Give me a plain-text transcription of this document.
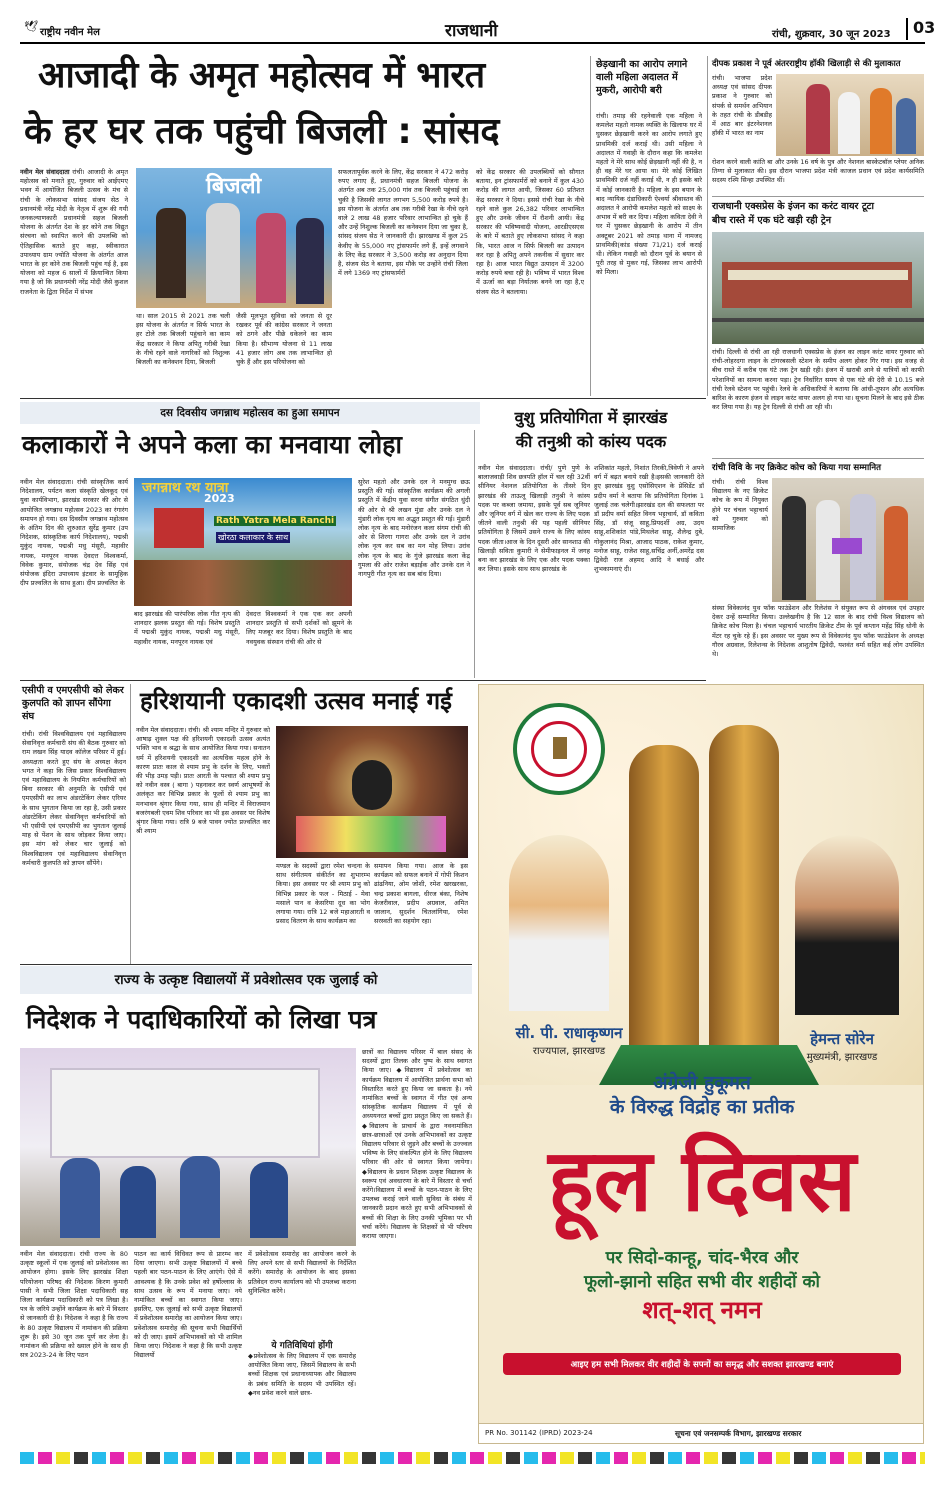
🕊 राष्ट्रीय नवीन मेल	राजधानी	रांची, शुक्रवार, 30 जून 2023 03
आजादी के अमृत महोत्सव में भारत
के हर घर तक पहुंची बिजली : सांसद
नवीन मेल संवाददाता रांची। आजादी के अमृत महोत्सव को मनाते हुए, गुरुवार को आईएमए भवन में आयोजित बिजली उत्सव के मंच से रांची के लोकसभा सांसद संजय सेठ ने प्रधानमंत्री नरेंद्र मोदी के नेतृत्व में शुरू की गयी जनकल्याणकारी प्रधानमंत्री सहज बिजली योजना के अंतर्गत देश के हर कोने तक विद्युत संरचना को स्थापित करने की उपलब्धि को ऐतिहासिक बताते हुए कहा, स्वीकारात उपाध्याय ग्राम ज्योति योजना के अंतर्गत आज भारत के हर कोने तक बिजली पहुंच गई है, इस योजना को महज 6 सालों में क्रियान्वित किया गया है जो कि प्रधानमंत्री नरेंद्र मोदी जैसे कुशल राजनेता के द्विता निर्देश में संभव
बिजली
था। साल 2015 से 2021 तक चली इस योजना के अंतर्गत न सिर्फ भारत के हर टोले तक बिजली पहुंचाने का काम केंद्र सरकार ने किया अपितु गरीबी रेखा के नीचे रहने वाले नागरिकों को निशुल्क बिजली का कनेक्शन दिया, बिजली
जैसी मूलभूत सुविधा को जनता से दूर रखकर पूर्व की कांग्रेस सरकार ने जनता को ठगने और पीछे धकेलने का काम किया है। सौभाग्य योजना से 11 लाख 41 हजार लोग अब तक लाभान्वित हो चुके हैं और इस परियोजना को
सफलतापूर्वक करने के लिए, केंद्र सरकार ने 472 करोड़ रुपए लगाए हैं, प्रधानमंत्री सहज बिजली योजना के अंतर्गत अब तक 25,000 गांव तक बिजली पहुंचाई जा चुकी है जिसकी लागत लगभग 5,500 करोड़ रुपये है। इस योजना के अंतर्गत अब तक गरीबी रेखा के नीचे रहने वाले 2 लाख 48 हजार परिवार लाभान्वित हो चुके हैं और उन्हें निशुल्क बिजली का कनेक्शन दिया जा चुका है, सांसद संजय सेठ ने जानकारी दी। झारखण्ड में कुल 25 केवीए के 55,000 नए ट्रांसफार्मर लगे हैं, इन्हें लगवाने के लिए केंद्र सरकार ने 3,500 करोड़ का अनुदान दिया है, संजय सेठ ने बताया, इस मौके पर उन्होंने रांची जिला में लगे 1369 नए ट्रांसफार्मरों
को केंद्र सरकार की उपलब्धियों को सौगात बताया, इन ट्रांसफार्मरों को बनाने में कुल 430 करोड़ की लागत आयी, जिसका 60 प्रतिशत केंद्र सरकार ने दिया। इससे रांची रेखा के नीचे रहने वाले कुल 26,382 परिवार लाभान्वित हुए और उनके जीवन में रौशनी आयी। केंद्र सरकार की भविष्यवादी योजना, आरडीएसएस के बारे में बताते हुए लोकसभा सांसद ने कहा कि, भारत आज न सिर्फ बिजली का उत्पादन कर रहा है अपितु अपने तकनीक में सुधार कर रहा है। आज भारत विद्युत उत्पादन में 3200 करोड़ रुपये बचा रही है। भविष्य में भारत विश्व में ऊर्जा का बड़ा निर्यातक बनने जा रहा है,ए संजय सेठ ने बतलाया।
छेड़खानी का आरोप लगाने वाली महिला अदालत में मुकरी, आरोपी बरी
रांची। तमाड़ की रहनेवाली एक महिला ने कमलेश महतो नामक व्यक्ति के खिलाफ घर में घुसकर छेड़खानी करने का आरोप लगाते हुए प्राथमिकी दर्ज कराई थी। उसी महिला ने अदालत में गवाही के दौरान कहा कि कमलेश महतो ने मेरे साथ कोई छेड़खानी नहीं की है, न ही वह मेरे घर आया था। मेरे कोई लिखित प्राथमिकी दर्ज नहीं कराई थी, न ही इसके बारे में कोई जानकारी है। महिला के इस बयान के बाद न्यायिक दंडाधिकारी ऐश्वर्या श्रीवास्तव की अदालत ने आरोपी कमलेश महतो को साक्ष्य के अभाव में बरी कर दिया। महिला कविता देवी ने घर में घुसकर छेड़खानी के आरोप में तीन अक्टूबर 2021 को तमाड़ थाना में नामजद प्राथमिकी(कांड संख्या 71/21) दर्ज कराई थी। लेकिन गवाही को दौरान पूर्व के बयान से पूरी तरह से मुकर गई, जिसका लाभ आरोपी को मिला।
दीपक प्रकाश ने पूर्व अंतरराष्ट्रीय हॉकी खिलाड़ी से की मुलाकात
रांची। भाजपा प्रदेश अध्यक्ष एवं सांसद दीपक प्रकाश ने गुरुवार को संपर्क से समर्थन अभियान के तहत रांची के डीबडीह में आठ बार इंटरनेशनल हॉकी में भारत का नाम
रोशन करने वाली कांति बा और उनके 16 वर्ष के पुत्र और नेशनल बास्केटबॉल प्लेयर अनिक तिग्गा से मुलाकात की। इस दौरान भाजपा प्रदेश मंत्री काजल प्रधान एवं प्रदेश कार्यसमिति सदस्य रश्मि सिन्हा उपस्थित थीं।
राजधानी एक्सप्रेस के इंजन का करंट वायर टूटा
बीच रास्ते में एक घंटे खड़ी रही ट्रेन
रांची। दिल्ली से रांची आ रही राजधानी एक्सप्रेस के इंजन का लाइन करंट वायर गुरुवार को रांची-लोहरदगा लाइन के टांगरबसली स्टेशन के समीप अलग होकर गिर गया। इस वजह से बीच रास्ते में करीब एक घंटे तक ट्रेन खड़ी रही। इंजन में खराबी आने से यात्रियों को काफी परेशानियों का सामना करना पड़ा। ट्रेन निर्धारित समय से एक घंटे की देरी से 10.15 बजे रांची रेलवे स्टेशन पर पहुंची। रेलवे के अधिकारियों ने बताया कि आंधी-तूफान और अत्यधिक बारिश के कारण इंजन से लाइन करंट वायर अलग हो गया था। सूचना मिलने के बाद इसे ठीक कर लिया गया है। यह ट्रेन दिल्ली से रांची आ रही थी।
रांची विवि के नए क्रिकेट कोच को किया गया सम्मानित
रांची। रांची विश्व विद्यालय के नए क्रिकेट कोच के रूप में नियुक्त होने पर चंचल भट्टाचार्य को गुरुवार को सामाजिक
संस्था विवेकानंद युथ फॉक फाउंडेशन और रिलेशंस ने संयुक्त रूप से अंगवस्त्र एवं उपहार देकर उन्हें सम्मानित किया। उल्लेखनीय है कि 12 साल के बाद रांची विश्व विद्यालय को क्रिकेट कोच मिला है। चंचल भट्टाचार्य भारतीय क्रिकेट टीम के पूर्व कप्तान महेंद्र सिंह धोनी के मेंटर रह चुके रहे हैं। इस अवसर पर मुख्य रूप से विवेकानंद युथ फॉक फाउंडेशन के अध्यक्ष गौरव अग्रवाल, रिलेशन्स के निदेशक आशुतोष द्विवेदी, यशवंत वर्मा सहित कई लोग उपस्थित थे।
दस दिवसीय जगन्नाथ महोत्सव का हुआ समापन
कलाकारों ने अपने कला का मनवाया लोहा
नवीन मेल संवाददाता। रांची सांस्कृतिक कार्य निदेशालय, पर्यटन कला संस्कृति खेलकूद एवं युवा कार्यविभाग, झारखंड सरकार की ओर से आयोजित जगन्नाथ महोत्सव 2023 का रंगारंग समापन हो गया। दस दिवसीय जगन्नाथ महोत्सव के अंतिम दिन की शुरुआत सुरेंद्र कुमार (उप निदेशक, सांस्कृतिक कार्य निदेशालय), पद्मश्री मुकुंद नायक, पद्मश्री मधु मंसूरी, महावीर नायक, मनपूरन नायक देवदत्त विश्वकर्मा, विवेक कुमार, संयोजक चंद्र देव सिंह एवं संयोजक इंदिरा उपाध्याय इंटवार के सामूहिक दीप प्रज्वलित के साथ हुआ। दीप प्रज्वलित के
जगन्नाथ रथ यात्रा
2023
Rath Yatra Mela Ranchi
खोरठा कलाकार के साथ
बाद झारखंड की पारंपरिक लोक गीत नृत्य की शानदार झलक प्रस्तुत की गई। विशेष प्रस्तुति में पद्मश्री मुकुंद नायक, पद्मश्री मधु मंसूरी, महावीर नायक, मनपूरन नायक एवं
देवदत्त विश्वकर्मा ने एक एक कर अपनी शानदार प्रस्तुति से सभी दर्शकों को झूमने के लिए मजबूर कर दिया। विशेष प्रस्तुति के बाद नवयुवक संस्थान रांची की ओर से
सुरेश महतो और उनके दल ने मनमुग्ध छऊ प्रस्तुति की गई। सांस्कृतिक कार्यक्रम की अगली प्रस्तुति में केंद्रीय युवा सरना संगीत संगठित धुंदी की ओर से श्री लखन मुंडा और उनके दल ने मुंडारी लोक नृत्य का अद्भुत प्रस्तुत की गई। मुंडारी लोक नृत्य के बाद मनोरंजन कला संगम रांची की ओर से शिरगा गागरा और उनके दल ने उरांव लोक नृत्य कर सब का मन मोह लिया। उरांव लोक नृत्य के बाद के गुंजे झारखंड कला केंद्र गुमला की ओर राजेश बड़ाईक और उनके दल ने नागपुरी गीत नृत्य का सब बांध दिया।
वुशु प्रतियोगिता में झारखंड
की तनुश्री को कांस्य पदक
नवीन मेल संवाददाता। रांची/ पुणे पुणे के बालाजवाड़ी शिव छत्रपति हॉल में चल रही 32वीं सीनियर नेशनल प्रतियोगिता के तीसरे दिन झारखंड की ताऊलू खिलाड़ी तनुश्री ने कांस्य पदक पर कब्जा जमाया, इसके पूर्व सब जूनियर और जूनियर वर्ग में खेल कर राज्य के लिए पदक जीतने वाली तनुश्री की यह पहली सीनियर प्रतियोगिता है जिसमें उसने राज्य के लिए कांस्य पदक जीता।आज के दिन दूसरी ओर सानशाउ की खिलाड़ी सविता कुमारी ने सेमीफाइनल में जगह बना कर झारखंड के लिए एक और पदक पक्का कर लिया। इसके साथ साथ झारखंड के
शशिकांत महतो, निशांत तिरकी,त्रिवेणी ने अपने वर्ग में बढ़त बनाये रखी है।इसकी जानकारी देते हुए झारखंड वुशु एसोसिएशन के प्रेसिडेंट डॉ प्रदीप वर्मा ने बताया कि प्रतियोगिता दिनांक 1 जुलाई तक चलेगी।झारखंड दल की सफलता पर डॉ प्रदीप वर्मा सहित विनय भट्टाचार्य, डॉ कविता सिंह, डॉ संजू साहू,प्रियदर्शी अग्र, उदय साहू,शशिकांत पांडे,मिथलेश साहू, शैलेन्द्र दुबे, गोकुलानंद मिश्रा, आजाद पाठक, राकेश कुमार, मनोज साहू, राजेश साहू,सचिंद्र अर्नी,अमरेंद्र दस द्विवेदी राज अहमद आदि ने बधाई और शुभकामनाएं दी।
एसीपी व एमएसीपी को लेकर कुलपति को ज्ञापन सौंपेगा संघ
रांची। रांची विश्वविद्यालय एवं महाविद्यालय सेवानिवृत्त कर्मचारी संघ की बैठक गुरुवार को राम लखन सिंह यादव कॉलेज परिसर में हुई। अध्यक्षता करते हुए संघ के अध्यक्ष केदन भगत ने कहा कि जिस प्रकार विश्वविद्यालय एवं महाविद्यालय के नियमित कर्मचारियों को बिना सरकार की अनुमति के एसीपी एवं एमएसीपी का लाभ अंडरटेकिंग लेकर एरियर के साथ भुगतान किया जा रहा है, उसी प्रकार अंडरटेकिंग लेकर सेवानिवृत्त कर्मचारियों को भी एसीपी एवं एमएसीपी का भुगतान जुलाई माह से पेंशन के साथ जोड़कर किया जाए। इस मांग को लेकर चार जुलाई को विश्वविद्यालय एवं महाविद्यालय सेवानिवृत्त कर्मचारी कुलपति को ज्ञापन सौंपेंगे।
हरिशयानी एकादशी उत्सव मनाई गई
नवीन मेल संवाददाता। रांची। श्री श्याम मन्दिर में गुरुवार को आषाढ़ शुक्ल पक्ष की हरिशयनी एकादशी उत्सव अत्यंत भक्ति भाव व श्रद्धा के साथ आयोजित किया गया। सनातन धर्म में हरिशयनी एकादशी का अत्यधिक महत्व होने के कारण प्रातः काल से श्याम प्रभु के दर्शन के लिए, भक्तों की भीड़ उमड़ पड़ी। प्रातः आरती के पश्चात श्री श्याम प्रभु को नवीन वस्त्र ( बागा ) पहनाकर कर स्वर्ण आभूषणों के अलंकृत कर विभिन्न प्रकार के फूलों से श्याम प्रभु का मनभावन श्रृंगार किया गया, साथ ही मन्दिर में विराजमान बजरंगबली एवम शिव परिवार का भी इस अवसर पर विशेष श्रृंगार किया गया। रात्रि 9 बजे पावन ज्योत प्रज्वलित कर श्री श्याम
मण्डल के सदस्यों द्वारा रमेश चन्दना के साथ संगीतमय संकीर्तन का शुभारम्भ किया। इस अवसर पर श्री श्याम प्रभु को विभिन्न प्रकार के फल - मिठाई - मेवा मसाले पान व केसरिया दूध का भोग लगाया गया। रात्रि 12 बजे महाआरती व प्रसाद वितरण के साथ कार्यक्रम का
समापन किया गया। आज के इस कार्यक्रम को सफल बनाने में गोपी किशन ढांढनिया, ओम जोशी, रमेश खरखरका, चन्द्र प्रकाश बागला, धीरज बंका, निशेष केजरीवाल, प्रदीप अग्रवाल, अमित जालान, सुदर्शन चितलांगिया, रमेश सरस्वती का सहयोग रहा।
राज्य के उत्कृष्ट विद्यालयों में प्रवेशोत्सव एक जुलाई को
निदेशक ने पदाधिकारियों को लिखा पत्र
छात्रों का विद्यालय परिसर में बाल संसद के सदस्यों द्वारा तिलक और पुष्प के साथ स्वागत किया जाए। ◆विद्यालय में प्रवेशोत्सव का कार्यक्रम विद्यालय में आयोजित प्रार्थना सभा को विस्तारित करते हुए किया जा सकता है। नये नामांकित बच्चों के स्वागत में गीत एवं अन्य सांस्कृतिक कार्यक्रम विद्यालय में पूर्व से अध्ययनरत बच्चों द्वारा प्रस्तुत किए जा सकते हैं। ◆विद्यालय के प्राचार्य के द्वारा नवनामांकित छात्र-छात्राओं एवं उनके अभिभावकों का उत्कृष्ट विद्यालय परिवार से जुड़ने और बच्चों के उज्ज्वल भविष्य के लिए संकल्पित होने के लिए विद्यालय परिवार की ओर से स्वागत किया जायेगा। ◆विद्यालय के प्रधान शिक्षक उत्कृष्ट विद्यालय के स्वरूप एवं अवधारणा के बारे में विस्तार से चर्चा करेंगे।विद्यालय में बच्चों के पठन-पाठन के लिए उपलब्ध कराई जाने वाली सुविधा के संबंध में जानकारी प्रदान करते हुए सभी अभिभावकों से बच्चों की शिक्षा के लिए उनकी भूमिका पर भी चर्चा करेंगे। विद्यालय के शिक्षकों से भी परिचय कराया जाएगा।
नवीन मेल संवाददाता। रांची राज्य के 80 उत्कृष्ट स्कूलों में एक जुलाई को प्रवेशोत्सव का आयोजन होगा। इसके लिए झारखंड शिक्षा परियोजना परिषद की निदेशक किरण कुमारी पासी ने सभी जिला शिक्षा पदाधिकारी सह जिला कार्यक्रम पदाधिकारी को पत्र लिखा है। पत्र के जरिये उन्होंने कार्यक्रम के बारे में विस्तार से जानकारी दी है। निदेशक ने कहा है कि राज्य के 80 उत्कृष्ट विद्यालय में नामांकन की प्रक्रिया शुरू है। इसे 30 जून तक पूर्ण कर लेना है। नामांकन की प्रक्रिया को ख्याल होने के साथ ही सत्र 2023-24 के लिए पठन
पाठन का कार्य विधिवत रूप से प्रारम्भ कर दिया जाएगा। सभी उत्कृष्ट विद्यालयों में बच्चे पहली बार पठन-पाठन के लिए आएंगे। ऐसे में आवश्यक है कि उनके प्रवेश को हर्षोल्लास के साथ उत्सव के रूप में मनाया जाए। नये नामांकित बच्चों का स्वागत किया जाए। इसलिए, एक जुलाई को सभी उत्कृष्ट विद्यालयों में प्रवेशोत्सव समारोह का आयोजन किया जाए। प्रवेशोत्सव समारोह की सूचना सभी विद्यार्थियों को दी जाए। इसमें अभिभावकों को भी शामिल किया जाए। निदेशक ने कहा है कि सभी उत्कृष्ट विद्यालयों
में प्रवेशोत्सव समारोह का आयोजन करने के लिए अपने स्तर से सभी विद्यालयों के निर्देशित करेंगे। समारोह के आयोजन के बाद इसका प्रतिवेदन राज्य कार्यालय को भी उपलब्ध कराना सुनिश्चित करेंगे।
ये गतिविधियां होंगी
◆प्रवेशोत्सव के लिए विद्यालय में एक समारोह आयोजित किया जाए, जिसमें विद्यालय के सभी बच्चों शिक्षक एवं प्रधानाध्यापक और विद्यालय के प्रबंध समिति के सदस्य भी उपस्थित रहें। ◆नव प्रवेश करने वाले छात्र-
सी. पी. राधाकृष्णन
राज्यपाल, झारखण्ड
हेमन्त सोरेन
मुख्यमंत्री, झारखण्ड
अंग्रेजी हुकूमत
के विरुद्ध विद्रोह का प्रतीक
हूल दिवस
पर सिदो-कान्हू, चांद-भैरव और
फूलो-झानो सहित सभी वीर शहीदों को
शत्-शत् नमन
आइए हम सभी मिलकर वीर शहीदों के सपनों का समृद्ध और सशक्त झारखण्ड बनाएं
PR No. 301142 (IPRD) 2023-24	सूचना एवं जनसम्पर्क विभाग, झारखण्ड सरकार
